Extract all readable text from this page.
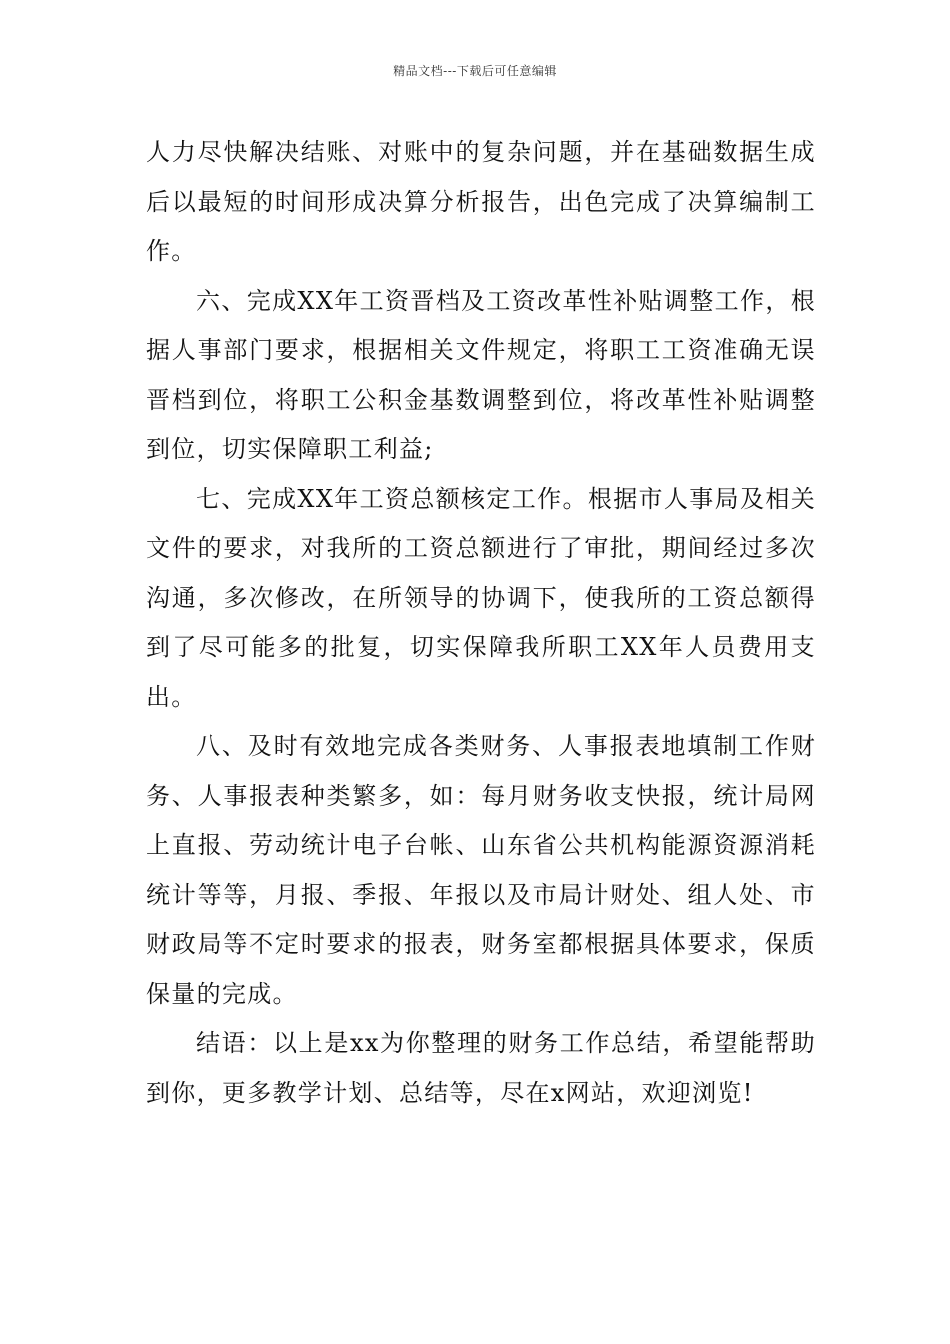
精品文档---下载后可任意编辑

人力尽快解决结账、对账中的复杂问题，并在基础数据生成后以最短的时间形成决算分析报告，出色完成了决算编制工作。

六、完成XX年工资晋档及工资改革性补贴调整工作，根据人事部门要求，根据相关文件规定，将职工工资准确无误晋档到位，将职工公积金基数调整到位，将改革性补贴调整到位，切实保障职工利益;

七、完成XX年工资总额核定工作。根据市人事局及相关文件的要求，对我所的工资总额进行了审批，期间经过多次沟通，多次修改，在所领导的协调下，使我所的工资总额得到了尽可能多的批复，切实保障我所职工XX年人员费用支出。

八、及时有效地完成各类财务、人事报表地填制工作财务、人事报表种类繁多，如：每月财务收支快报，统计局网上直报、劳动统计电子台帐、山东省公共机构能源资源消耗统计等等，月报、季报、年报以及市局计财处、组人处、市财政局等不定时要求的报表，财务室都根据具体要求，保质保量的完成。

结语：以上是xx为你整理的财务工作总结，希望能帮助到你，更多教学计划、总结等，尽在x网站，欢迎浏览!
